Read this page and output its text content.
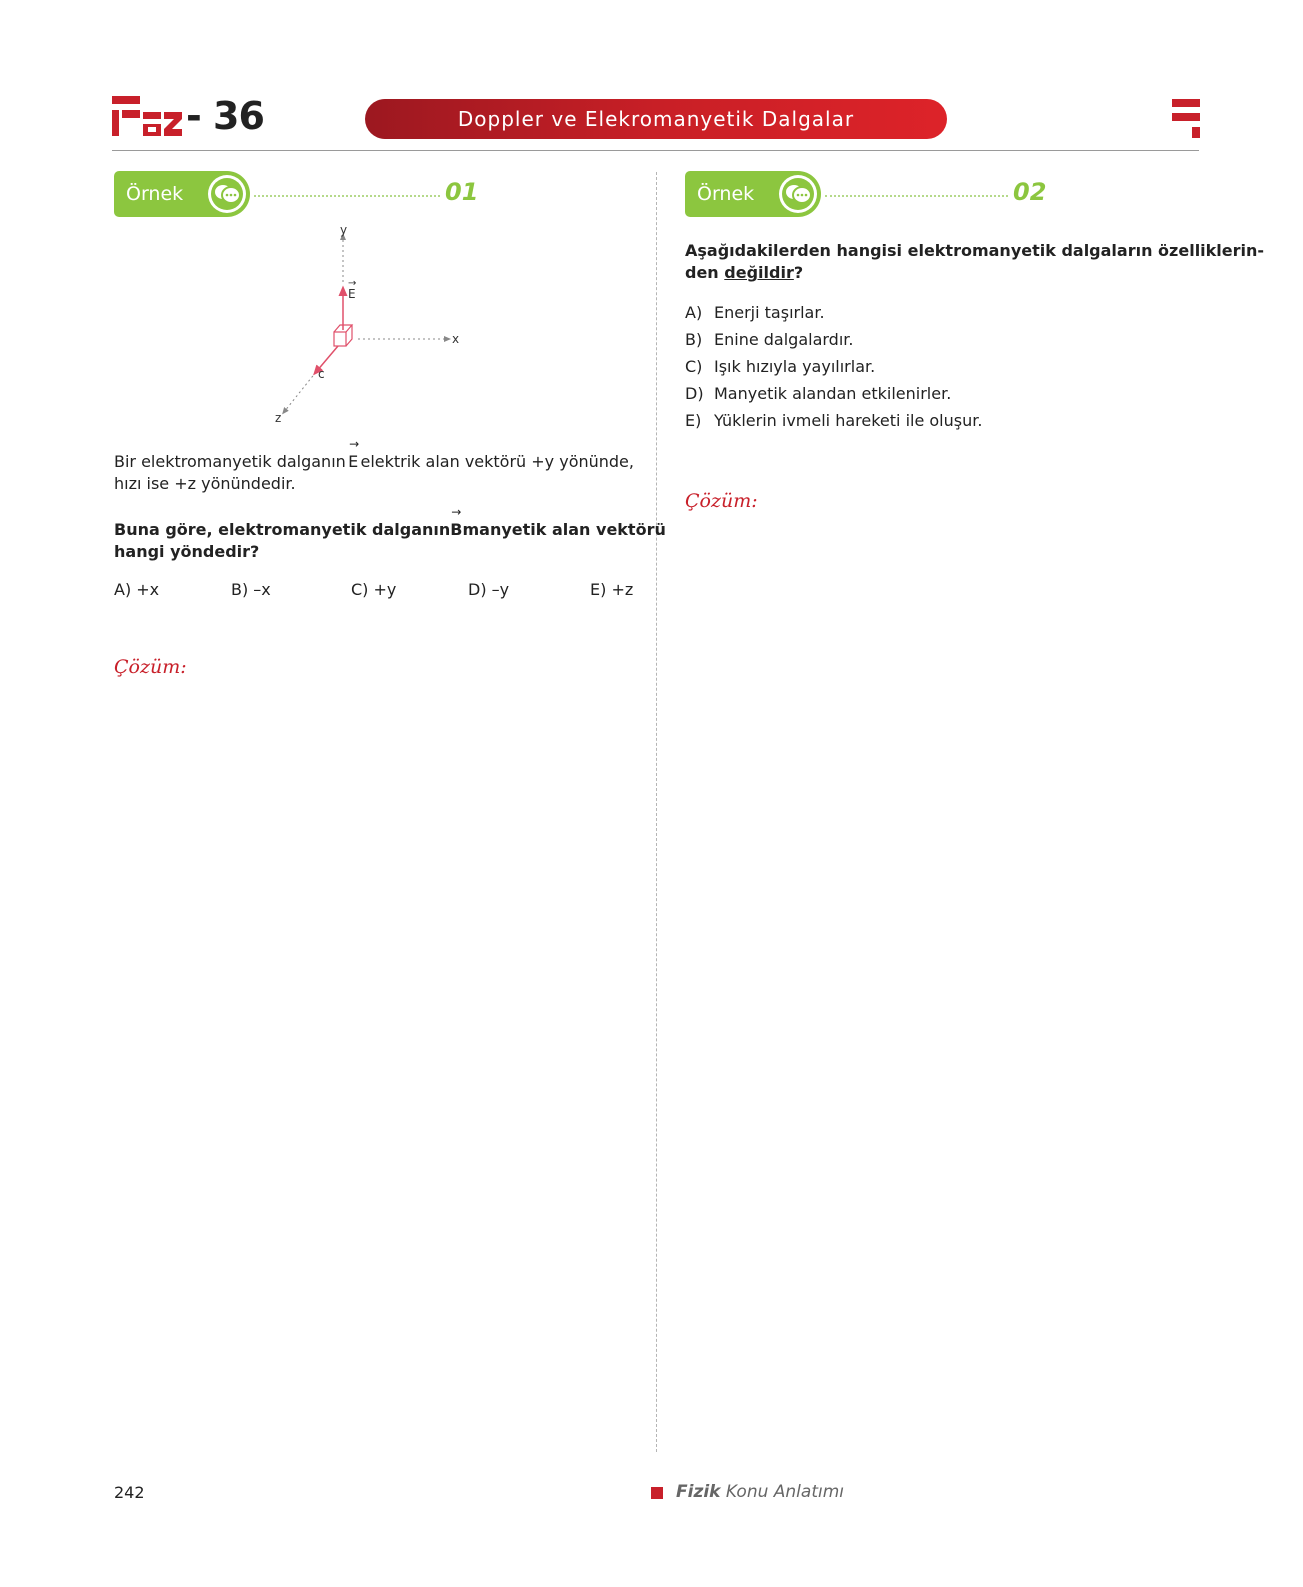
- 36	Doppler ve Elekromanyetik Dalgalar
Örnek	01
y
x
z
c
E
→
Bir elektromanyetik dalganın
→
E elektrik alan vektörü +y yönünde,
hızı ise +z yönündedir.
Buna göre, elektromanyetik dalganın
→
B manyetik alan vektörü
hangi yöndedir?
A) +x	B) –x	C) +y	D) –y	E) +z
Çözüm:
Örnek	02
Aşağıdakilerden hangisi elektromanyetik dalgaların özelliklerin-
den değildir?
A) Enerji taşırlar.
B) Enine dalgalardır.
C) Işık hızıyla yayılırlar.
D) Manyetik alandan etkilenirler.
E) Yüklerin ivmeli hareketi ile oluşur.
Çözüm:
242	Fizik Konu Anlatımı
